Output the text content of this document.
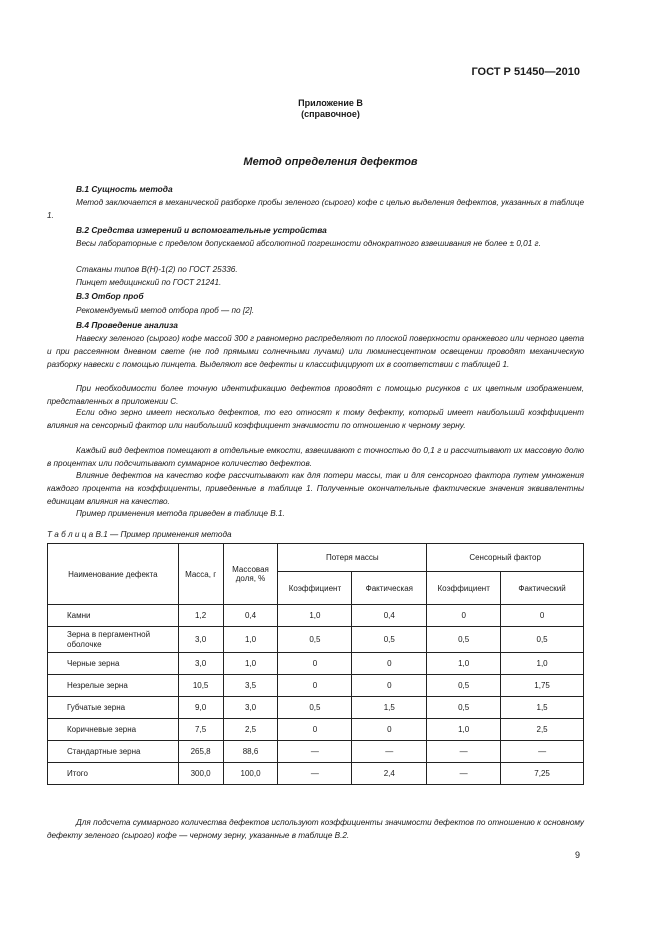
ГОСТ Р 51450—2010
Приложение В
(справочное)
Метод определения дефектов
В.1 Сущность метода
Метод заключается в механической разборке пробы зеленого (сырого) кофе с целью выделения дефектов, указанных в таблице 1.
В.2 Средства измерений и вспомогательные устройства
Весы лабораторные с пределом допускаемой абсолютной погрешности однократного взвешивания не более ± 0,01 г.
Стаканы типов В(Н)-1(2) по ГОСТ 25336.
Пинцет медицинский по ГОСТ 21241.
В.3 Отбор проб
Рекомендуемый метод отбора проб — по [2].
В.4 Проведение анализа
Навеску зеленого (сырого) кофе массой 300 г равномерно распределяют по плоской поверхности оранжевого или черного цвета и при рассеянном дневном свете (не под прямыми солнечными лучами) или люминесцентном освещении проводят механическую разборку навески с помощью пинцета. Выделяют все дефекты и классифицируют их в соответствии с таблицей 1.
При необходимости более точную идентификацию дефектов проводят с помощью рисунков с их цветным изображением, представленных в приложении С.
Если одно зерно имеет несколько дефектов, то его относят к тому дефекту, который имеет наибольший коэффициент влияния на сенсорный фактор или наибольший коэффициент значимости по отношению к черному зерну.
Каждый вид дефектов помещают в отдельные емкости, взвешивают с точностью до 0,1 г и рассчитывают их массовую долю в процентах или подсчитывают суммарное количество дефектов.
Влияние дефектов на качество кофе рассчитывают как для потери массы, так и для сенсорного фактора путем умножения каждого процента на коэффициенты, приведенные в таблице 1. Полученные окончательные фактические значения эквивалентны единицам влияния на качество.
Пример применения метода приведен в таблице В.1.
Т а б л и ц а В.1 — Пример применения метода
Наименование дефекта	Масса, г	Массовая доля, %	Потеря массы		Сенсорный фактор	
			Коэффициент	Фактическая	Коэффициент	Фактический
Камни	1,2	0,4	1,0	0,4	0	0
Зерна в пергаментной оболочке	3,0	1,0	0,5	0,5	0,5	0,5
Черные зерна	3,0	1,0	0	0	1,0	1,0
Незрелые зерна	10,5	3,5	0	0	0,5	1,75
Губчатые зерна	9,0	3,0	0,5	1,5	0,5	1,5
Коричневые зерна	7,5	2,5	0	0	1,0	2,5
Стандартные зерна	265,8	88,6	—	—	—	—
Итого	300,0	100,0	—	2,4	—	7,25
Для подсчета суммарного количества дефектов используют коэффициенты значимости дефектов по отношению к основному дефекту зеленого (сырого) кофе — черному зерну, указанные в таблице В.2.
9
